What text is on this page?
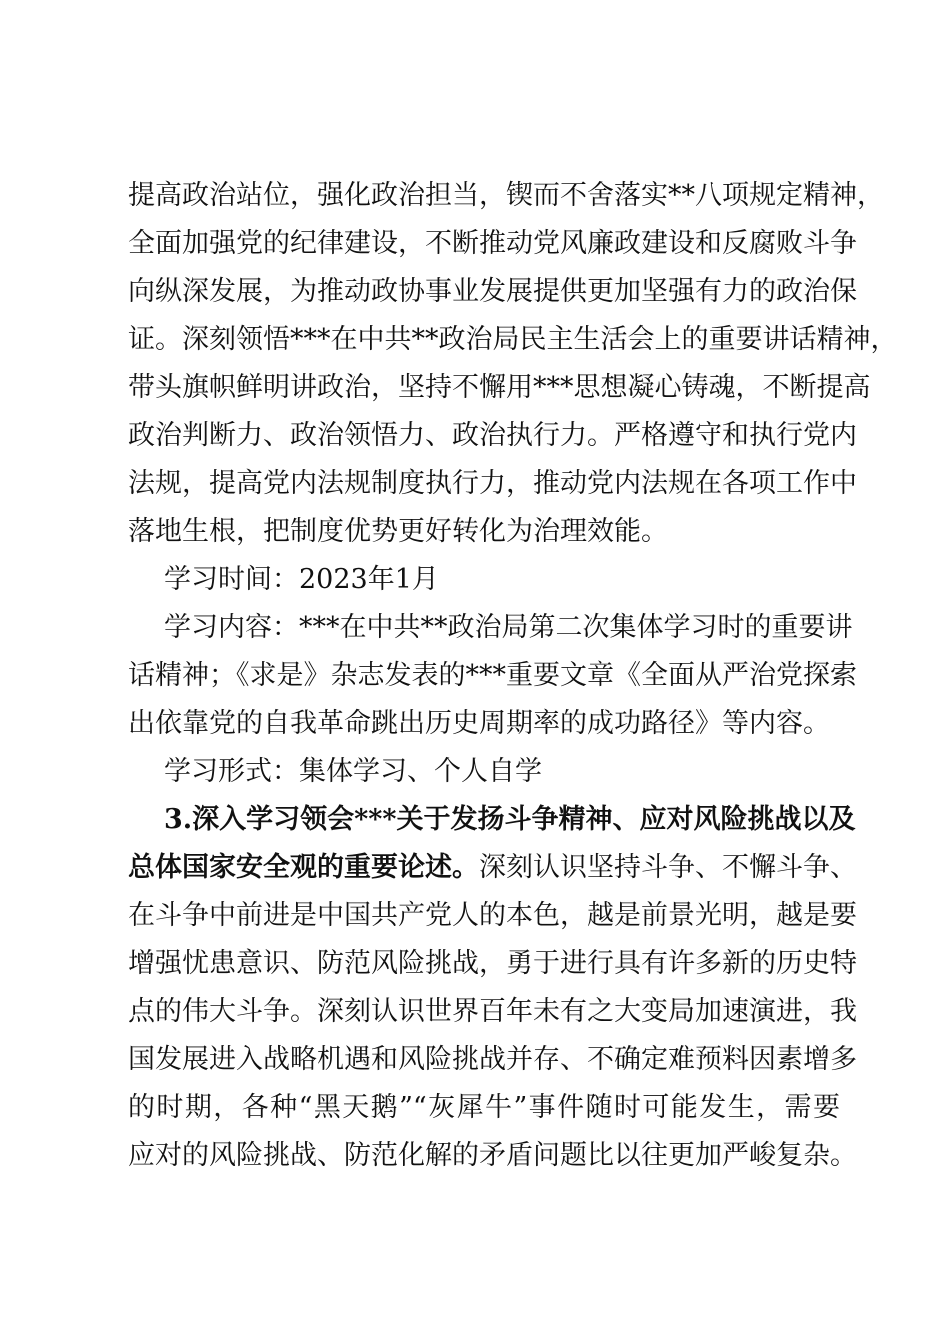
提高政治站位，强化政治担当，锲而不舍落实**八项规定精神，
全面加强党的纪律建设，不断推动党风廉政建设和反腐败斗争
向纵深发展，为推动政协事业发展提供更加坚强有力的政治保
证。深刻领悟***在中共**政治局民主生活会上的重要讲话精神，
带头旗帜鲜明讲政治，坚持不懈用***思想凝心铸魂，不断提高
政治判断力、政治领悟力、政治执行力。严格遵守和执行党内
法规，提高党内法规制度执行力，推动党内法规在各项工作中
落地生根，把制度优势更好转化为治理效能。
学习时间：2023年1月
学习内容：***在中共**政治局第二次集体学习时的重要讲
话精神；《求是》杂志发表的***重要文章《全面从严治党探索
出依靠党的自我革命跳出历史周期率的成功路径》等内容。
学习形式：集体学习、个人自学
3.深入学习领会***关于发扬斗争精神、应对风险挑战以及
总体国家安全观的重要论述。深刻认识坚持斗争、不懈斗争、
在斗争中前进是中国共产党人的本色，越是前景光明，越是要
增强忧患意识、防范风险挑战，勇于进行具有许多新的历史特
点的伟大斗争。深刻认识世界百年未有之大变局加速演进，我
国发展进入战略机遇和风险挑战并存、不确定难预料因素增多
的时期，各种“黑天鹅”“灰犀牛”事件随时可能发生，需要
应对的风险挑战、防范化解的矛盾问题比以往更加严峻复杂。
